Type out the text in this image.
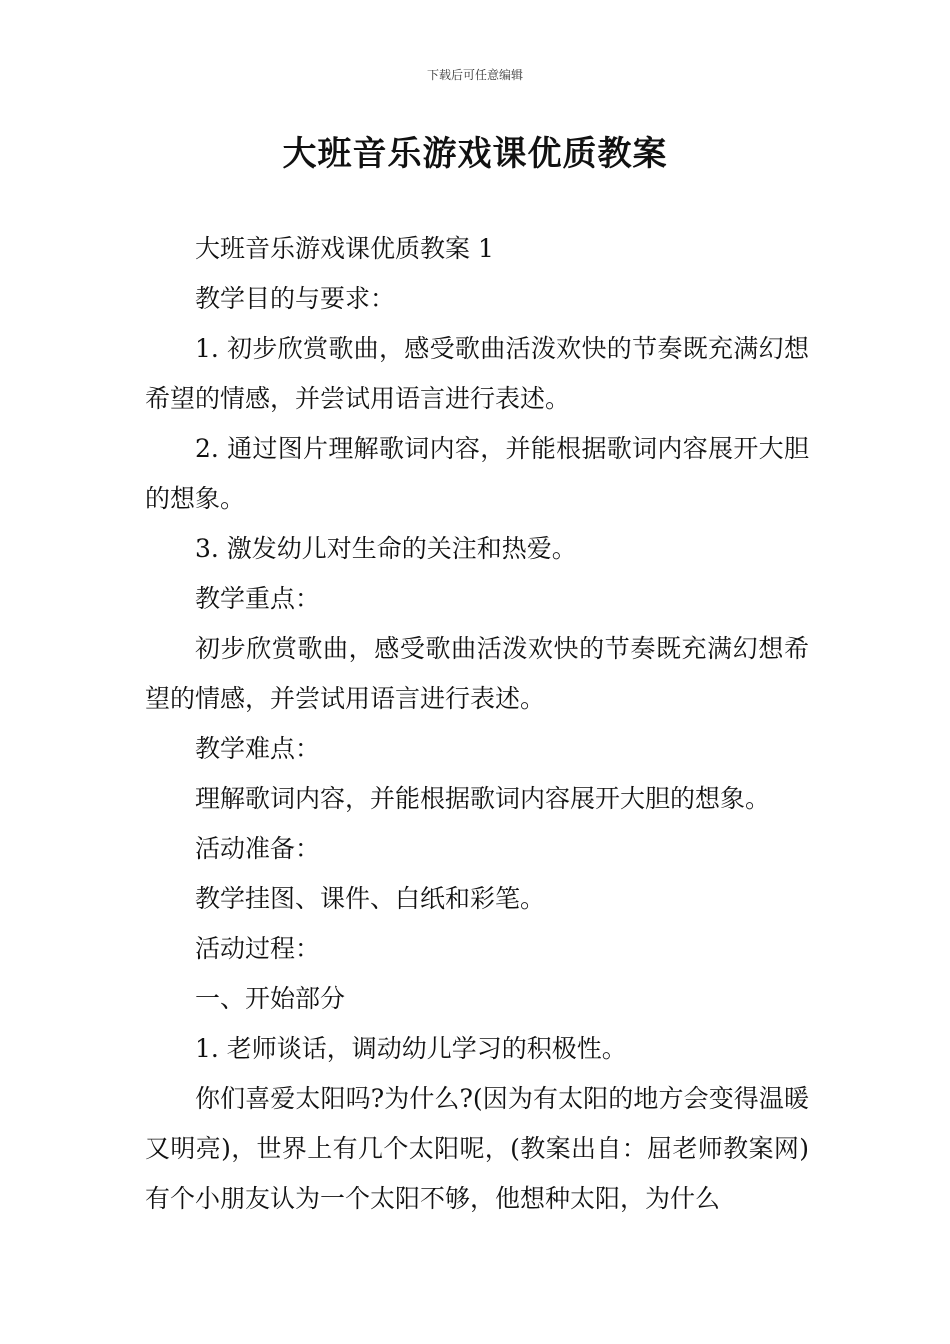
下载后可任意编辑
大班音乐游戏课优质教案

大班音乐游戏课优质教案 1

教学目的与要求：

1. 初步欣赏歌曲，感受歌曲活泼欢快的节奏既充满幻想希望的情感，并尝试用语言进行表述。

2. 通过图片理解歌词内容，并能根据歌词内容展开大胆的想象。

3. 激发幼儿对生命的关注和热爱。

教学重点：

初步欣赏歌曲，感受歌曲活泼欢快的节奏既充满幻想希望的情感，并尝试用语言进行表述。

教学难点：

理解歌词内容，并能根据歌词内容展开大胆的想象。

活动准备：

教学挂图、课件、白纸和彩笔。

活动过程：

一、开始部分

1. 老师谈话，调动幼儿学习的积极性。

你们喜爱太阳吗?为什么?(因为有太阳的地方会变得温暖又明亮)，世界上有几个太阳呢，(教案出自：屈老师教案网)有个小朋友认为一个太阳不够，他想种太阳，为什么
